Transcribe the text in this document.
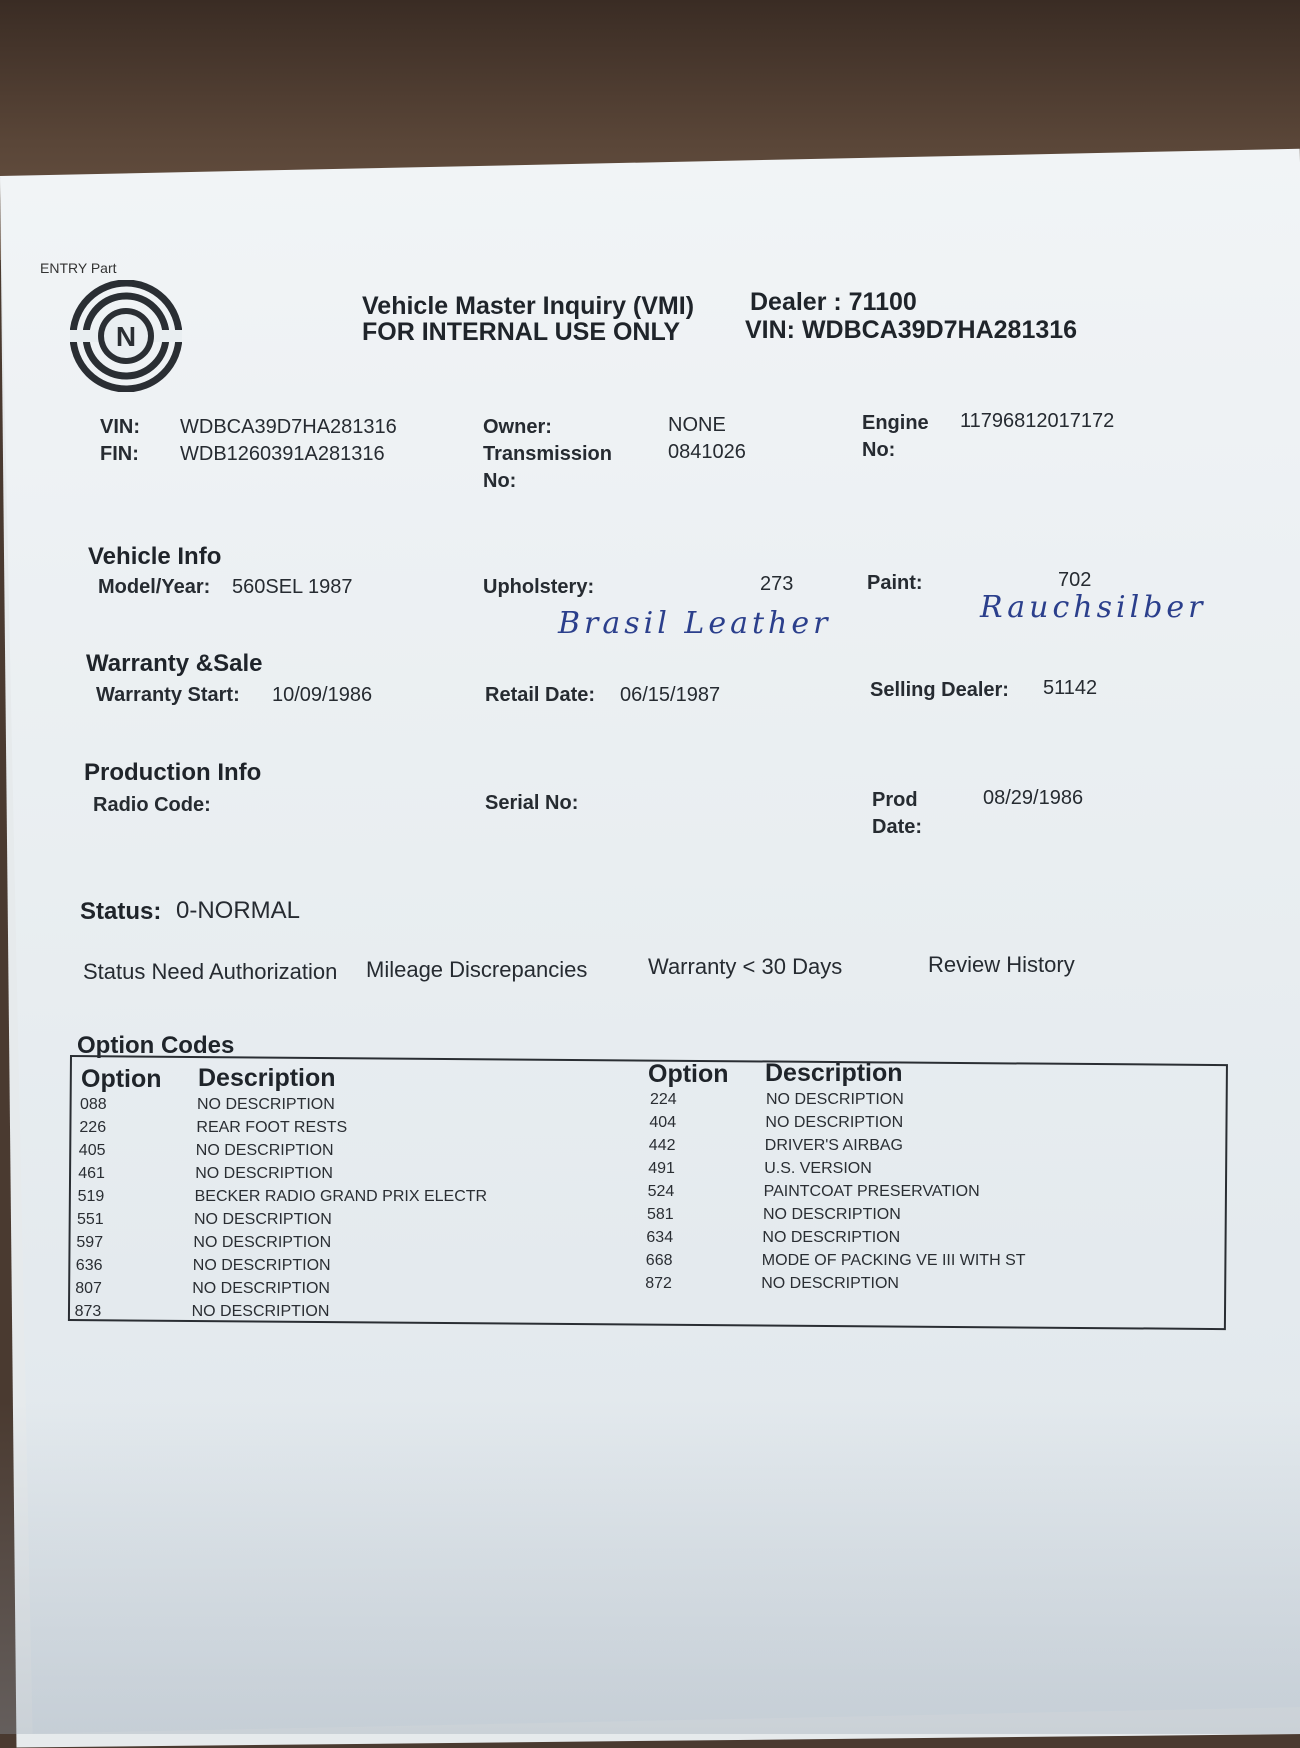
ENTRY Part
N
Vehicle Master Inquiry (VMI)
FOR INTERNAL USE ONLY
Dealer : 71100
VIN: WDBCA39D7HA281316
VIN: WDBCA39D7HA281316
FIN: WDB1260391A281316
Owner:	NONE
Transmission
No:
0841026
Engine
No:
11796812017172
Vehicle Info
Model/Year: 560SEL 1987	Upholstery:	273	Paint:	702
Brasil Leather	Rauchsilber
Warranty &Sale
Warranty Start: 10/09/1986	Retail Date: 06/15/1987	Selling Dealer: 51142
Production Info
Radio Code:	Serial No:	Prod
Date:
08/29/1986
Status: 0-NORMAL
Status Need Authorization Mileage Discrepancies	Warranty < 30 Days	Review History
Option Codes
Option Description	Option Description
088	NO DESCRIPTION
226	REAR FOOT RESTS
405	NO DESCRIPTION
461	NO DESCRIPTION
519	BECKER RADIO GRAND PRIX ELECTR
551	NO DESCRIPTION
597	NO DESCRIPTION
636	NO DESCRIPTION
807	NO DESCRIPTION
873	NO DESCRIPTION
224	NO DESCRIPTION
404	NO DESCRIPTION
442	DRIVER'S AIRBAG
491	U.S. VERSION
524	PAINTCOAT PRESERVATION
581	NO DESCRIPTION
634	NO DESCRIPTION
668	MODE OF PACKING VE III WITH ST
872	NO DESCRIPTION
